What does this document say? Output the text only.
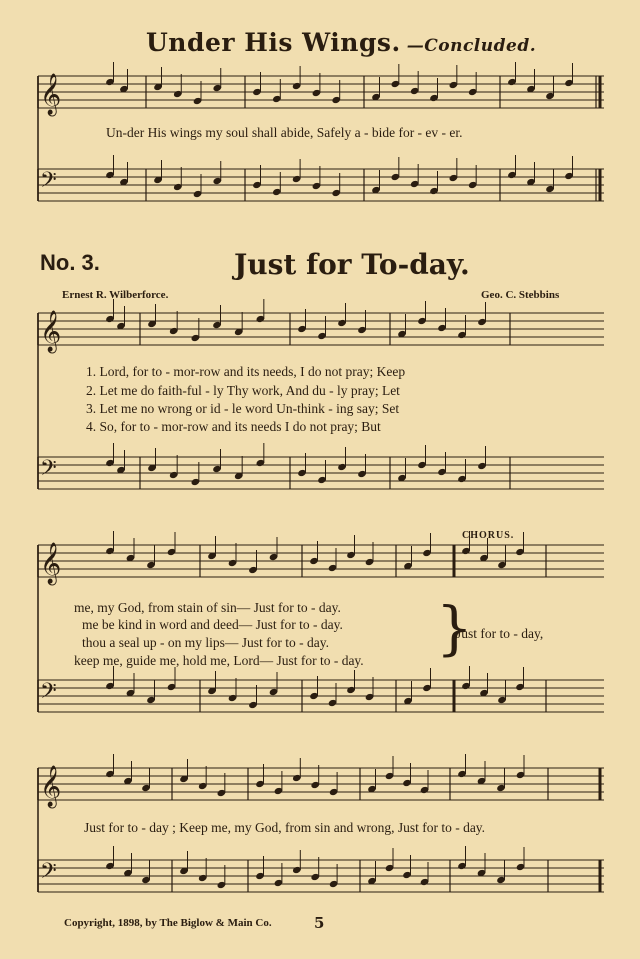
𝄞
𝄢
𝄞
𝄢
𝄞
𝄢
𝄞
𝄢
Under His Wings. —Concluded.
Un-der His wings my soul shall abide, Safely a - bide for - ev - er.
No. 3.	Just for To-day.
Ernest R. Wilberforce.	Geo. C. Stebbins
1. Lord, for to - mor-row and its needs, I do not pray; Keep
2. Let me do faith-ful - ly Thy work, And du - ly pray; Let
3. Let me no wrong or id - le word Un-think - ing say; Set
4. So, for to - mor-row and its needs I do not pray; But
CHORUS.
me, my God, from stain of sin— Just for to - day.
me be kind in word and deed— Just for to - day.
thou a seal up - on my lips— Just for to - day.
keep me, guide me, hold me, Lord— Just for to - day. }
Just for to - day,
Just for to - day ; Keep me, my God, from sin and wrong, Just for to - day.
Copyright, 1898, by The Biglow & Main Co.	5
